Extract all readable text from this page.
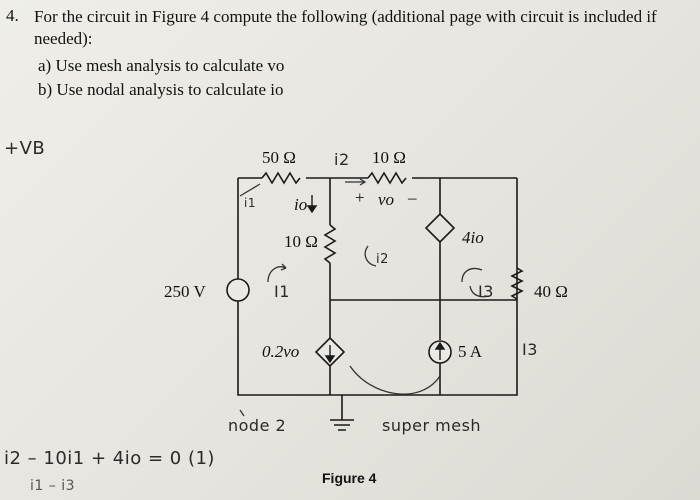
4. For the circuit in Figure 4 compute the following (additional page with circuit is included if
needed):
a) Use mesh analysis to calculate vo
b) Use nodal analysis to calculate io
50 Ω	10 Ω
10 Ω
40 Ω
250 V
4io
0.2vo	5 A
io	+ vo –
+VB
i2
i1
I1
i2
I3
I3
node 2	super mesh
i2 – 10i1 + 4io = 0 (1)
i1 – i3	Figure 4
